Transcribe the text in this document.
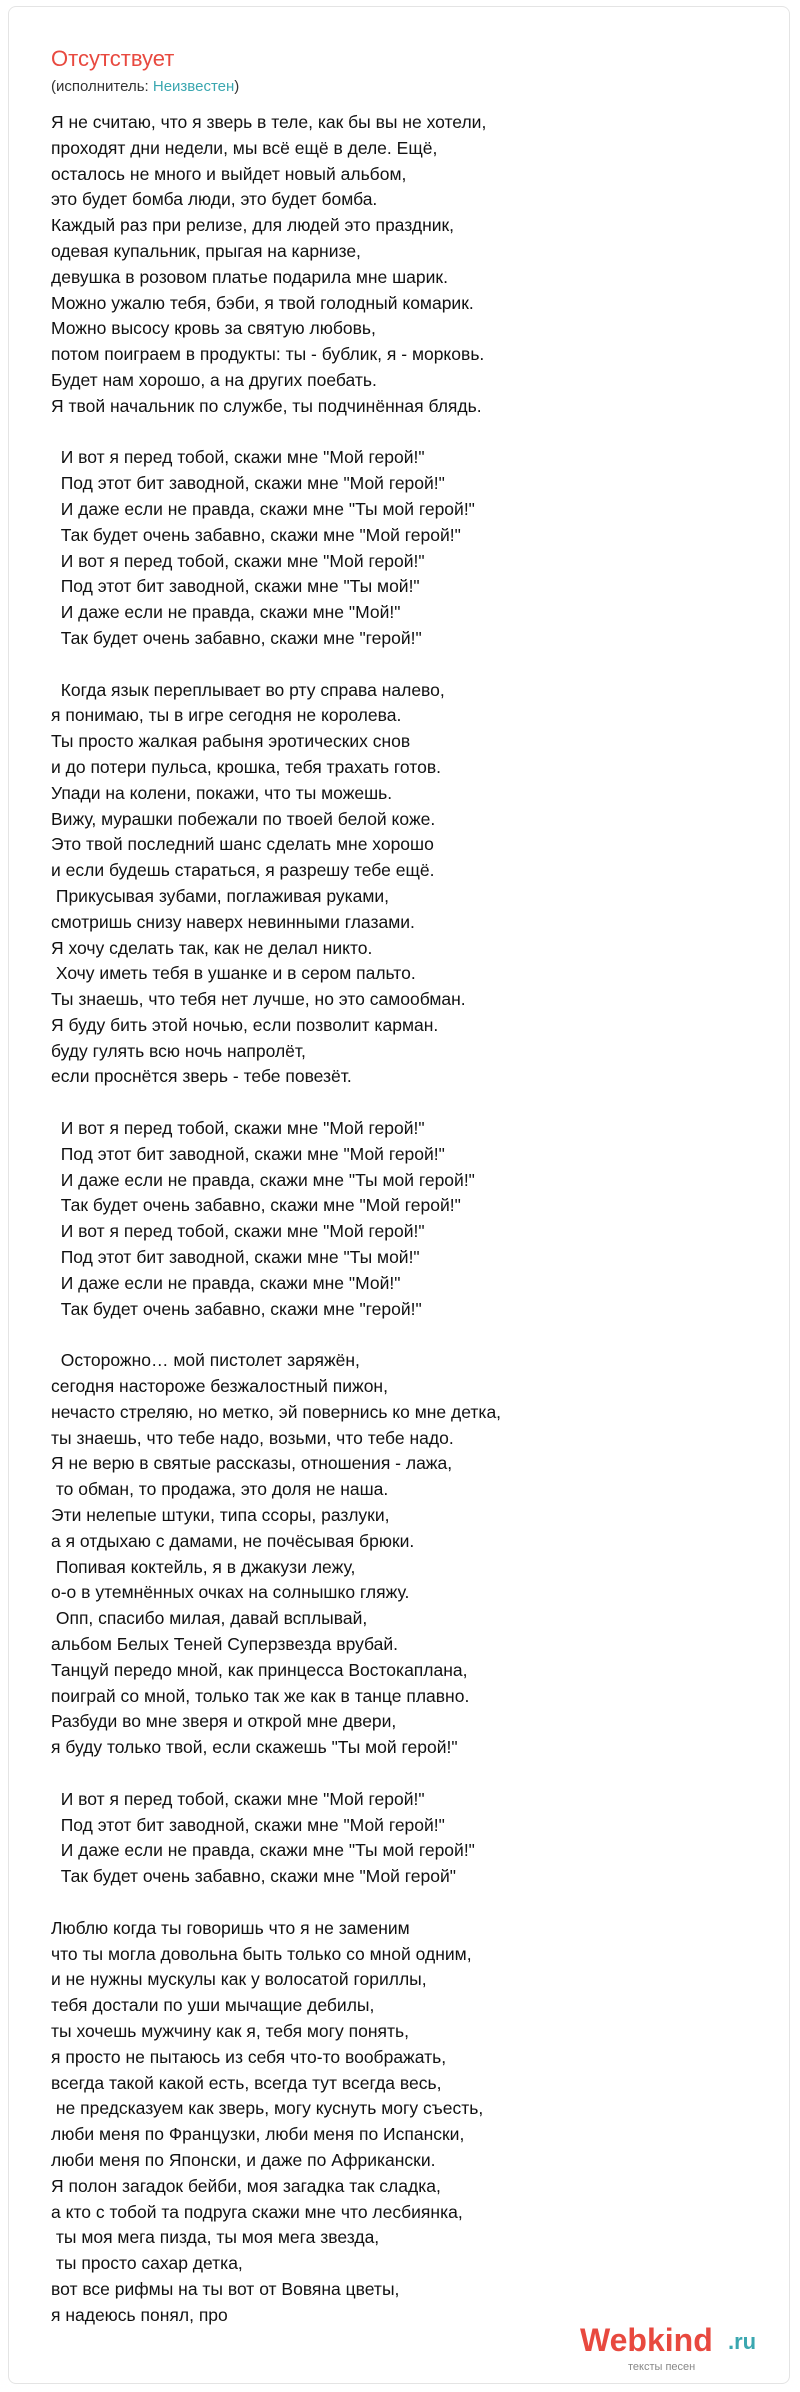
Отсутствует
(исполнитель: Неизвестен)
Я не считаю, что я зверь в теле, как бы вы не хотели,
проходят дни недели, мы всё ещё в деле. Ещё,
осталось не много и выйдет новый альбом,
это будет бомба люди, это будет бомба.
Каждый раз при релизе, для людей это праздник,
одевая купальник, прыгая на карнизе,
девушка в розовом платье подарила мне шарик.
Можно ужалю тебя, бэби, я твой голодный комарик.
Можно высосу кровь за святую любовь,
потом поиграем в продукты: ты - бублик, я - морковь.
Будет нам хорошо, а на других поебать.
Я твой начальник по службе, ты подчинённая блядь.
И вот я перед тобой, скажи мне "Мой герой!"
Под этот бит заводной, скажи мне "Мой герой!"
И даже если не правда, скажи мне "Ты мой герой!"
Так будет очень забавно, скажи мне "Мой герой!"
И вот я перед тобой, скажи мне "Мой герой!"
Под этот бит заводной, скажи мне "Ты мой!"
И даже если не правда, скажи мне "Мой!"
Так будет очень забавно, скажи мне "герой!"
Когда язык переплывает во рту справа налево,
я понимаю, ты в игре сегодня не королева.
Ты просто жалкая рабыня эротических снов
и до потери пульса, крошка, тебя трахать готов.
Упади на колени, покажи, что ты можешь.
Вижу, мурашки побежали по твоей белой коже.
Это твой последний шанс сделать мне хорошо
и если будешь стараться, я разрешу тебе ещё.
Прикусывая зубами, поглаживая руками,
смотришь снизу наверх невинными глазами.
Я хочу сделать так, как не делал никто.
Хочу иметь тебя в ушанке и в сером пальто.
Ты знаешь, что тебя нет лучше, но это самообман.
Я буду бить этой ночью, если позволит карман.
буду гулять всю ночь напролёт,
если проснётся зверь - тебе повезёт.
И вот я перед тобой, скажи мне "Мой герой!"
Под этот бит заводной, скажи мне "Мой герой!"
И даже если не правда, скажи мне "Ты мой герой!"
Так будет очень забавно, скажи мне "Мой герой!"
И вот я перед тобой, скажи мне "Мой герой!"
Под этот бит заводной, скажи мне "Ты мой!"
И даже если не правда, скажи мне "Мой!"
Так будет очень забавно, скажи мне "герой!"
Осторожно… мой пистолет заряжён,
сегодня настороже безжалостный пижон,
нечасто стреляю, но метко, эй повернись ко мне детка,
ты знаешь, что тебе надо, возьми, что тебе надо.
Я не верю в святые рассказы, отношения - лажа,
то обман, то продажа, это доля не наша.
Эти нелепые штуки, типа ссоры, разлуки,
а я отдыхаю с дамами, не почёсывая брюки.
Попивая коктейль, я в джакузи лежу,
о-о в утемнённых очках на солнышко гляжу.
Опп, спасибо милая, давай всплывай,
альбом Белых Теней Суперзвезда врубай.
Танцуй передо мной, как принцесса Востокаплана,
поиграй со мной, только так же как в танце плавно.
Разбуди во мне зверя и открой мне двери,
я буду только твой, если скажешь "Ты мой герой!"
И вот я перед тобой, скажи мне "Мой герой!"
Под этот бит заводной, скажи мне "Мой герой!"
И даже если не правда, скажи мне "Ты мой герой!"
Так будет очень забавно, скажи мне "Мой герой"
Люблю когда ты говоришь что я не заменим
что ты могла довольна быть только со мной одним,
и не нужны мускулы как у волосатой гориллы,
тебя достали по уши мычащие дебилы,
ты хочешь мужчину как я, тебя могу понять,
я просто не пытаюсь из себя что-то воображать,
всегда такой какой есть, всегда тут всегда весь,
не предсказуем как зверь, могу куснуть могу съесть,
люби меня по Французки, люби меня по Испански,
люби меня по Японски, и даже по Африкански.
Я полон загадок бейби, моя загадка так сладка,
а кто с тобой та подруга скажи мне что лесбиянка,
ты моя мега пизда, ты моя мега звезда,
ты просто сахар детка,
вот все рифмы на ты вот от Вовяна цветы,
я надеюсь понял, про
Webkind .ru
тексты песен
